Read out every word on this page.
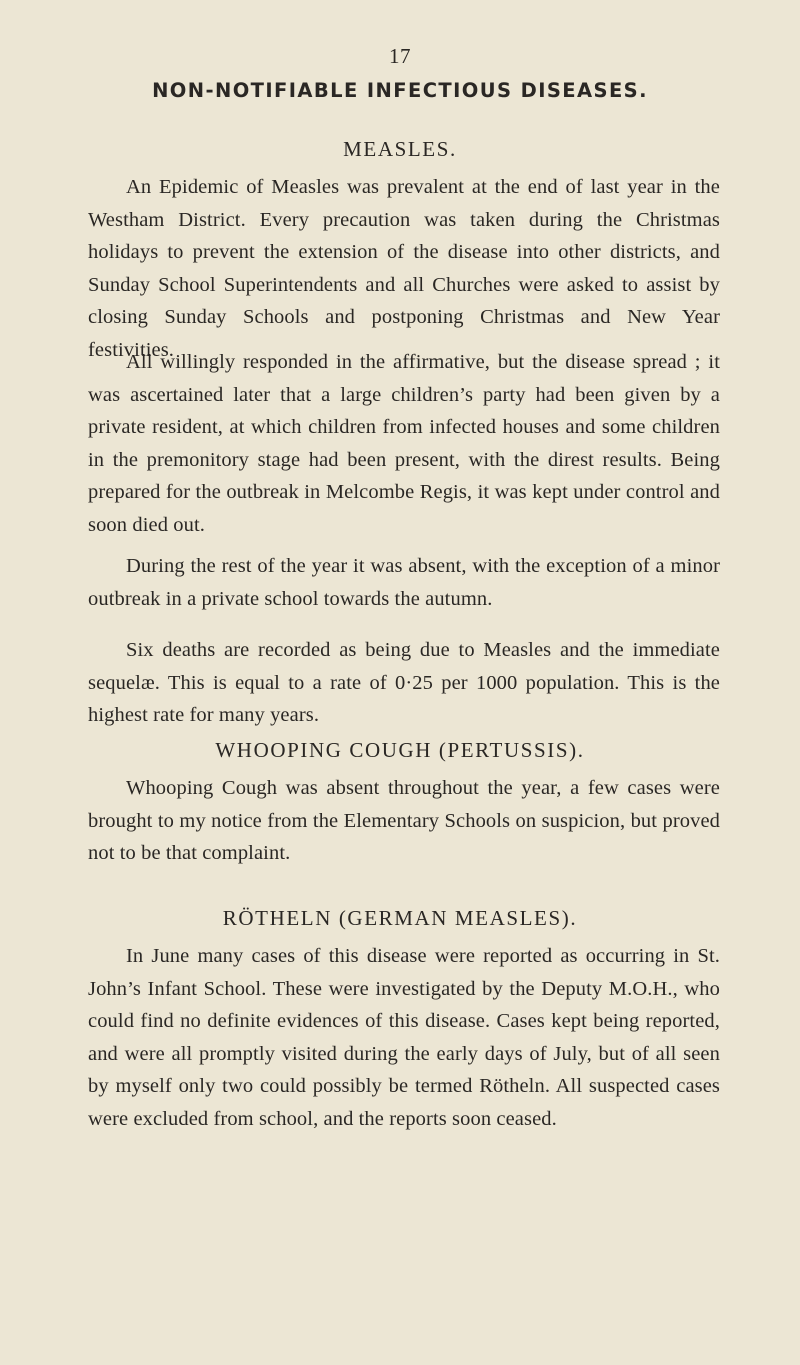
17
NON-NOTIFIABLE INFECTIOUS DISEASES.
MEASLES.

An Epidemic of Measles was prevalent at the end of last year in the Westham District. Every precaution was taken during the Christmas holidays to prevent the extension of the disease into other districts, and Sunday School Superintendents and all Churches were asked to assist by closing Sunday Schools and postponing Christmas and New Year festivities.

All willingly responded in the affirmative, but the disease spread ; it was ascertained later that a large children’s party had been given by a private resident, at which children from infected houses and some children in the premonitory stage had been present, with the direst results. Being prepared for the outbreak in Melcombe Regis, it was kept under control and soon died out.

During the rest of the year it was absent, with the exception of a minor outbreak in a private school towards the autumn.

Six deaths are recorded as being due to Measles and the immediate sequelæ. This is equal to a rate of 0·25 per 1000 population. This is the highest rate for many years.

WHOOPING COUGH (PERTUSSIS).

Whooping Cough was absent throughout the year, a few cases were brought to my notice from the Elementary Schools on suspicion, but proved not to be that complaint.

RÖTHELN (GERMAN MEASLES).

In June many cases of this disease were reported as occurring in St. John’s Infant School. These were investigated by the Deputy M.O.H., who could find no definite evidences of this disease. Cases kept being reported, and were all promptly visited during the early days of July, but of all seen by myself only two could possibly be termed Rötheln. All suspected cases were excluded from school, and the reports soon ceased.
